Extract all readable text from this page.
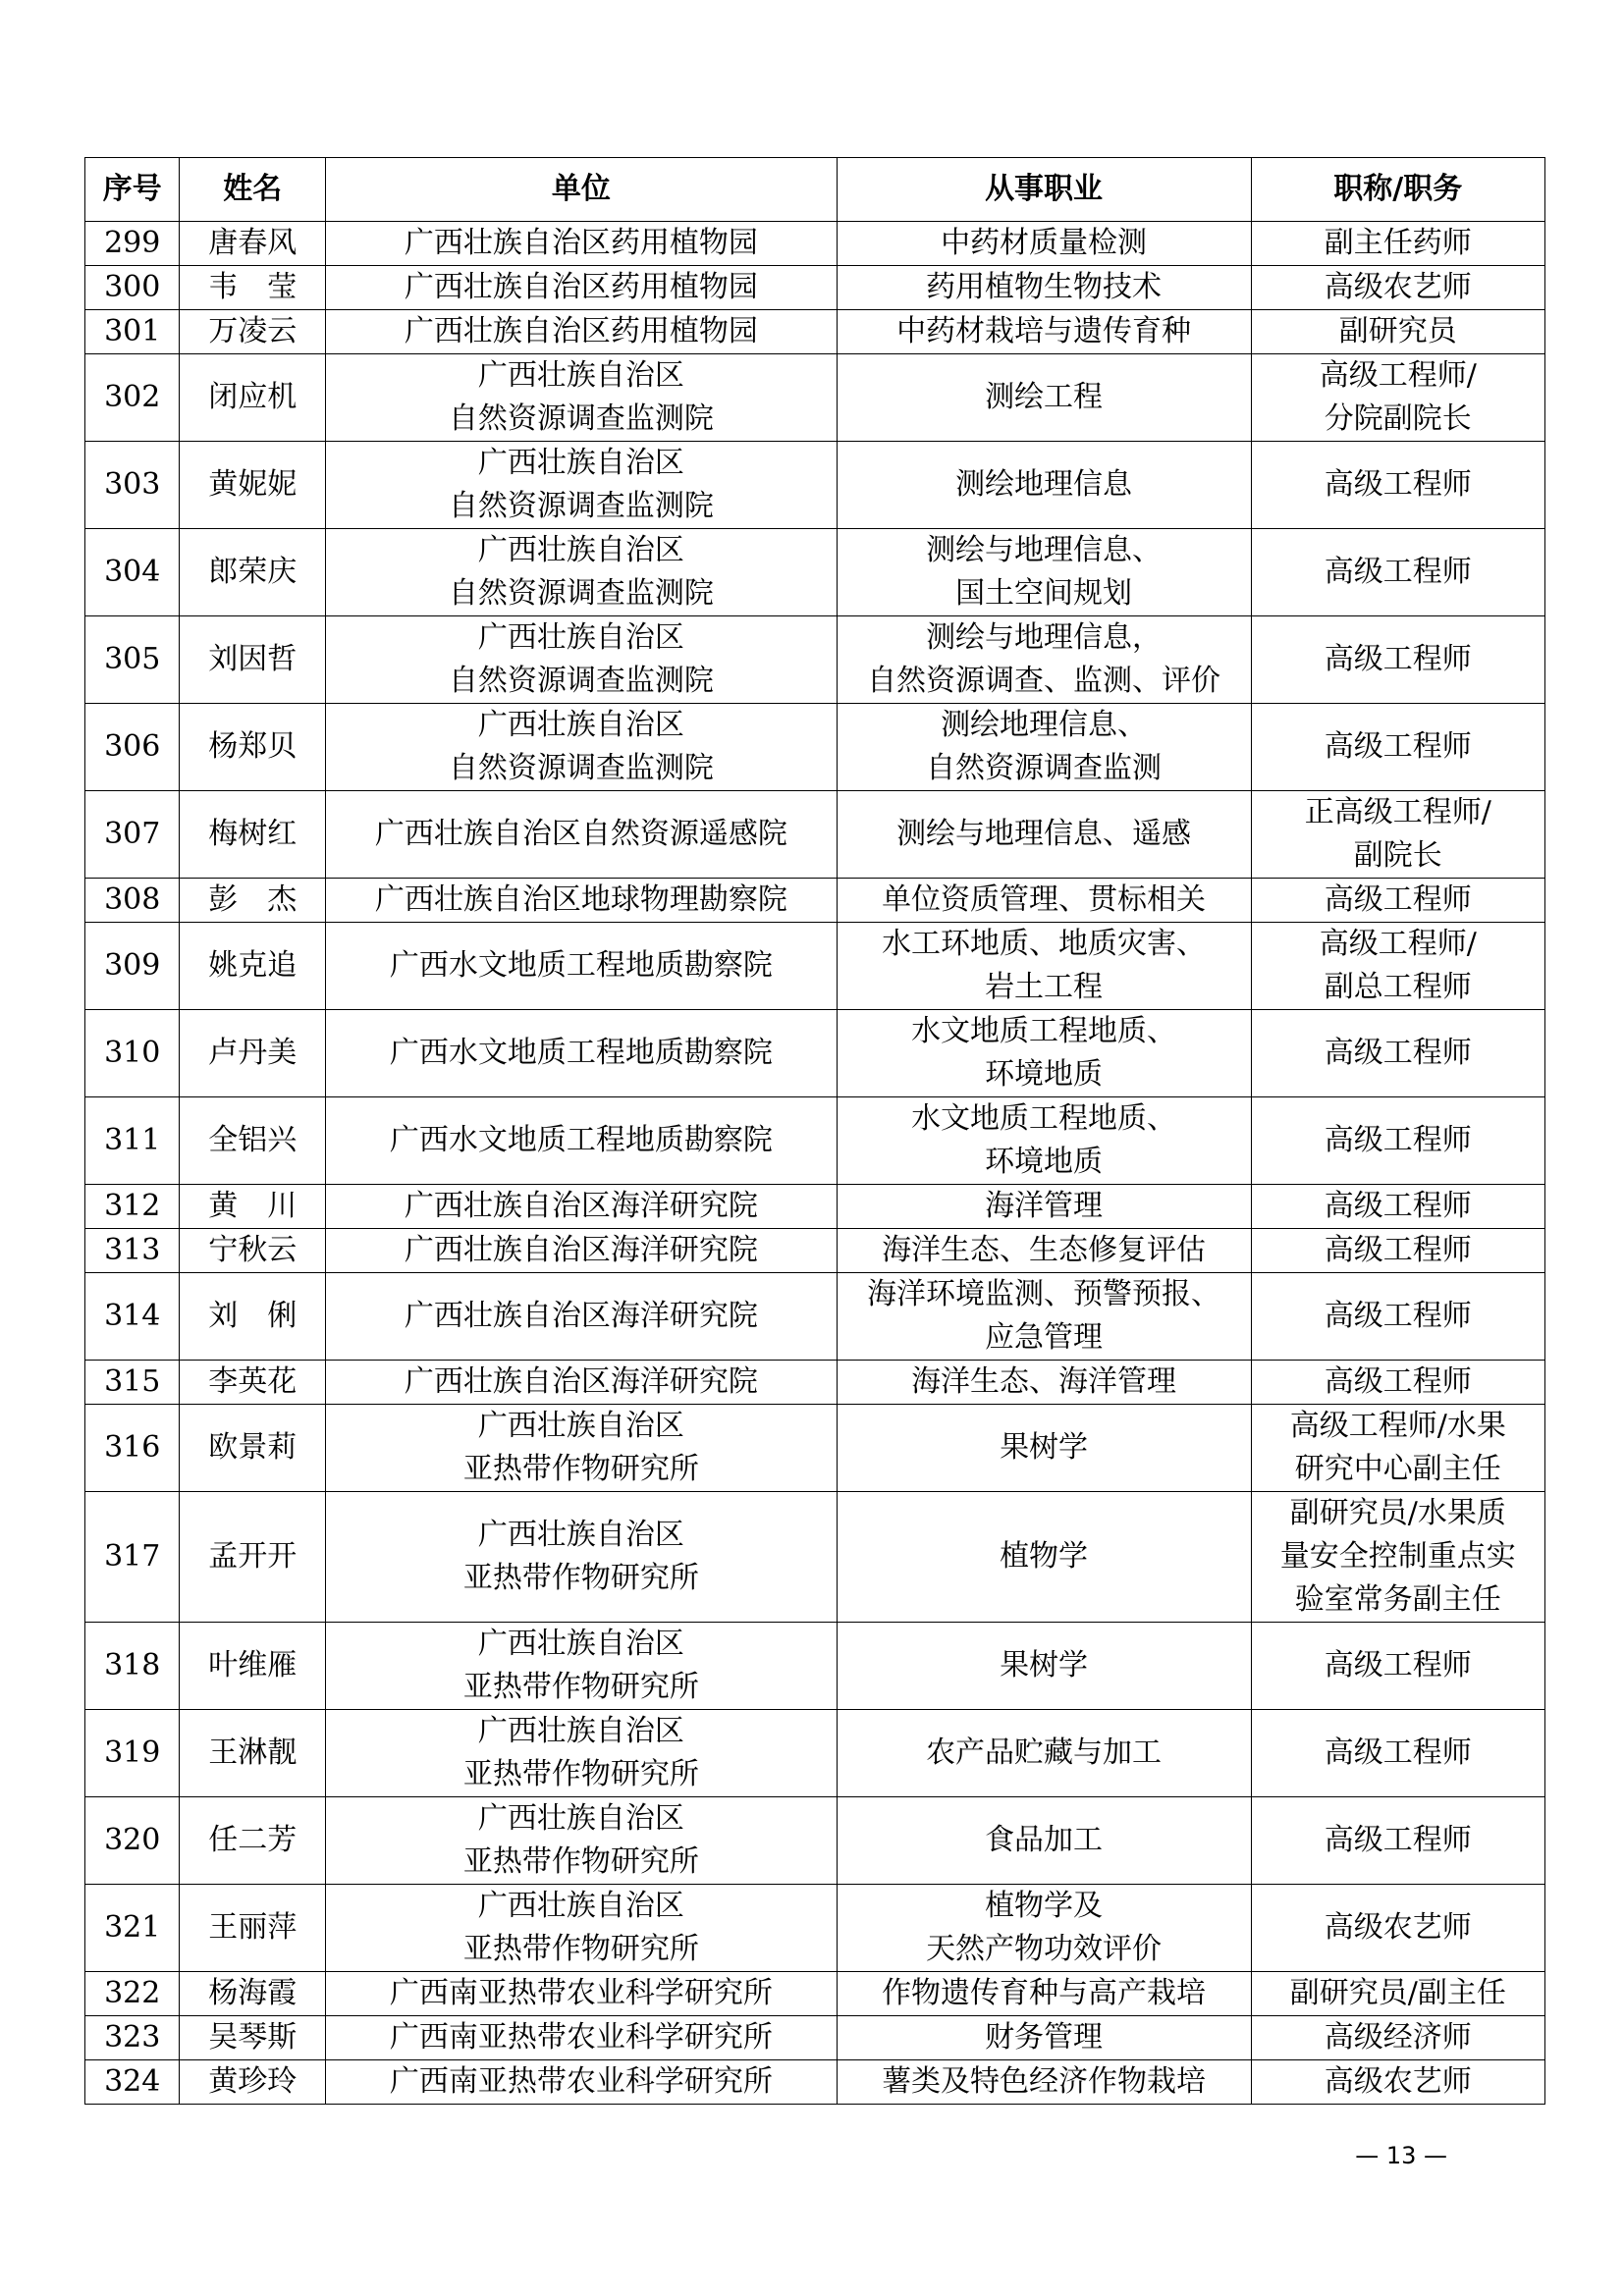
序号	姓名	单位	从事职业	职称/职务
299	唐春风	广西壮族自治区药用植物园	中药材质量检测	副主任药师
300	韦　莹	广西壮族自治区药用植物园	药用植物生物技术	高级农艺师
301	万凌云	广西壮族自治区药用植物园	中药材栽培与遗传育种	副研究员
302	闭应机	广西壮族自治区
自然资源调查监测院	测绘工程	高级工程师/
分院副院长
303	黄妮妮	广西壮族自治区
自然资源调查监测院	测绘地理信息	高级工程师
304	郎荣庆	广西壮族自治区
自然资源调查监测院	测绘与地理信息、
国土空间规划	高级工程师
305	刘因哲	广西壮族自治区
自然资源调查监测院	测绘与地理信息，
自然资源调查、监测、评价	高级工程师
306	杨郑贝	广西壮族自治区
自然资源调查监测院	测绘地理信息、
自然资源调查监测	高级工程师
307	梅树红	广西壮族自治区自然资源遥感院	测绘与地理信息、遥感	正高级工程师/
副院长
308	彭　杰	广西壮族自治区地球物理勘察院	单位资质管理、贯标相关	高级工程师
309	姚克追	广西水文地质工程地质勘察院	水工环地质、地质灾害、
岩土工程	高级工程师/
副总工程师
310	卢丹美	广西水文地质工程地质勘察院	水文地质工程地质、
环境地质	高级工程师
311	全铝兴	广西水文地质工程地质勘察院	水文地质工程地质、
环境地质	高级工程师
312	黄　川	广西壮族自治区海洋研究院	海洋管理	高级工程师
313	宁秋云	广西壮族自治区海洋研究院	海洋生态、生态修复评估	高级工程师
314	刘　俐	广西壮族自治区海洋研究院	海洋环境监测、预警预报、
应急管理	高级工程师
315	李英花	广西壮族自治区海洋研究院	海洋生态、海洋管理	高级工程师
316	欧景莉	广西壮族自治区
亚热带作物研究所	果树学	高级工程师/水果
研究中心副主任
317	孟开开	广西壮族自治区
亚热带作物研究所	植物学	副研究员/水果质
量安全控制重点实
验室常务副主任
318	叶维雁	广西壮族自治区
亚热带作物研究所	果树学	高级工程师
319	王淋靓	广西壮族自治区
亚热带作物研究所	农产品贮藏与加工	高级工程师
320	任二芳	广西壮族自治区
亚热带作物研究所	食品加工	高级工程师
321	王丽萍	广西壮族自治区
亚热带作物研究所	植物学及
天然产物功效评价	高级农艺师
322	杨海霞	广西南亚热带农业科学研究所	作物遗传育种与高产栽培	副研究员/副主任
323	吴琴斯	广西南亚热带农业科学研究所	财务管理	高级经济师
324	黄珍玲	广西南亚热带农业科学研究所	薯类及特色经济作物栽培	高级农艺师
— 13 —
